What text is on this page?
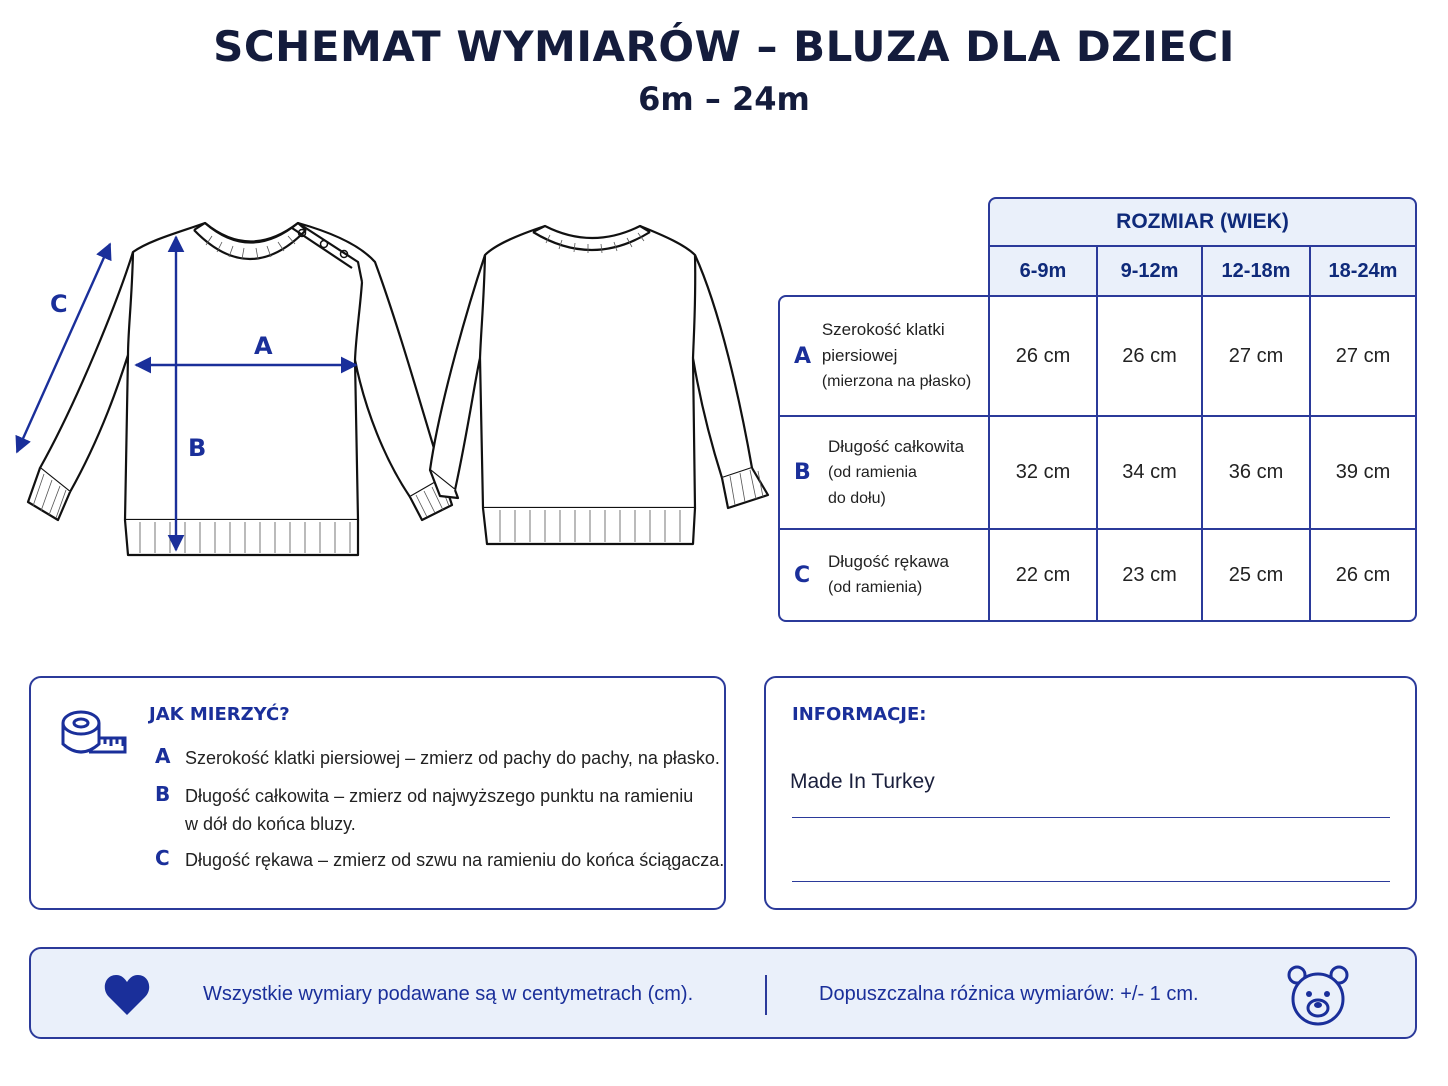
SCHEMAT WYMIARÓW – BLUZA DLA DZIECI
6m – 24m
A
B
C
ROZMIAR (WIEK)
6-9m	9-12m	12-18m	18-24m
A
Szerokość klatki piersiowej
(mierzona na płasko)
26 cm	26 cm	27 cm	27 cm
B
Długość całkowita
(od ramienia do dołu)
32 cm	34 cm	36 cm	39 cm
C
Długość rękawa
(od ramienia)
22 cm	23 cm	25 cm	26 cm
JAK MIERZYĆ?
A Szerokość klatki piersiowej – zmierz od pachy do pachy, na płasko.
B Długość całkowita – zmierz od najwyższego punktu na ramieniu w dół do końca bluzy.
C Długość rękawa – zmierz od szwu na ramieniu do końca ściągacza.
INFORMACJE:
Made In Turkey
Wszystkie wymiary podawane są w centymetrach (cm).	Dopuszczalna różnica wymiarów: +/- 1 cm.
